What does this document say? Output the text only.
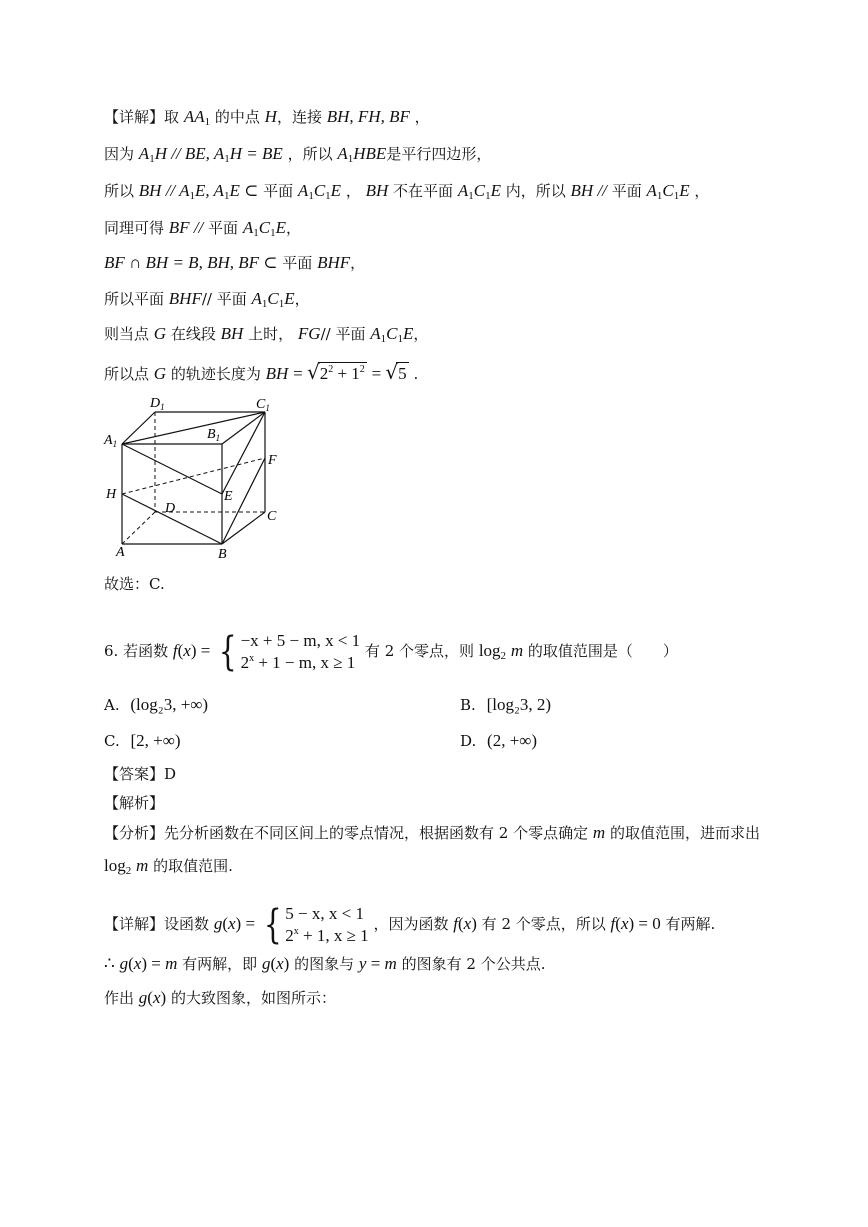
【详解】取 $AA_1$ 的中点 H，连接 BH, FH, BF ，
因为 $A_1H$ // BE, $A_1H$ = BE ，所以 $A_1HBE$是平行四边形，
所以 BH // $A_1E$, $A_1E$ ⊂ 平面 $A_1C_1E$ ， BH 不在平面 $A_1C_1E$ 内，所以 BH // 平面 $A_1C_1E$ ，
同理可得 BF // 平面 $A_1C_1E$，
BF ∩ BH = B, BH, BF ⊂ 平面 BHF，
所以平面 BHF// 平面 $A_1C_1E$，
则当点 G 在线段 BH 上时， FG// 平面 $A_1C_1E$，
所以点 G 的轨迹长度为 BH = $√2^2 + 1^2 = √5$ .
$D_1$	$C_1$
$A_1$
$B_1$
F
H
D
E
C
A	B
故选：C.
6. 若函数 f(x) = { −x + 5 − m, x < 1
$2^x + 1 - m$, x ≥ 1
有 2 个零点，则 $\log_2 m$ 的取值范围是（　　）
A. (log₂3, +∞)	B. [log₂3, 2)
C. [2, +∞)	D. (2, +∞)
【答案】D
【解析】
【分析】先分析函数在不同区间上的零点情况，根据函数有 2 个零点确定 m 的取值范围，进而求出
$\log_2 m$ 的取值范围.
【详解】设函数 g(x) = { 5 − x, x < 1
$2^x + 1$, x ≥ 1
，因为函数 f(x) 有 2 个零点，所以 f(x) = 0 有两解.
∴ g(x) = m 有两解，即 g(x) 的图象与 y = m 的图象有 2 个公共点.
作出 g(x) 的大致图象，如图所示：
